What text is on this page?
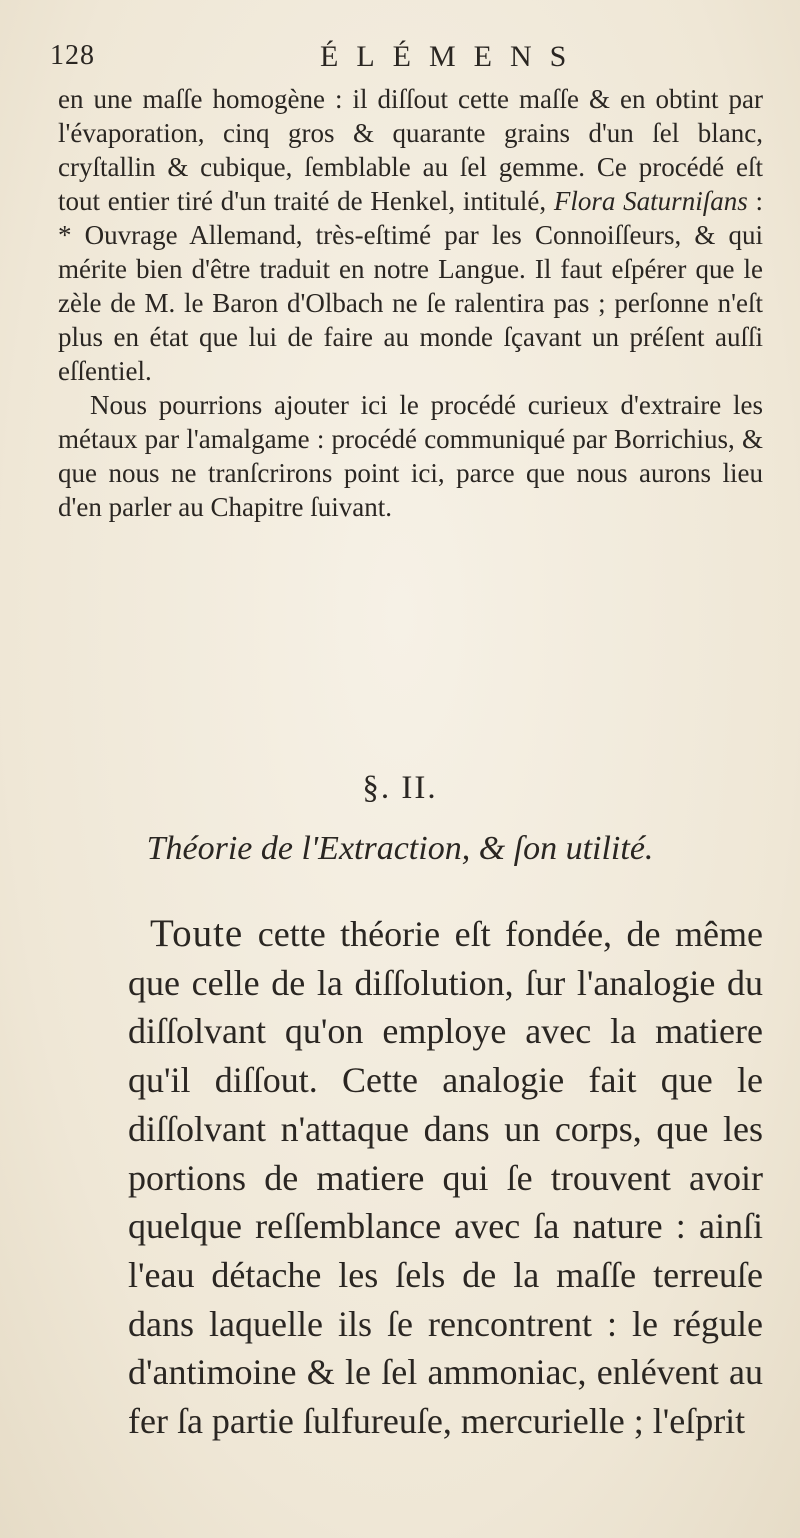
128	ÉLÉMENS

en une maſſe homogène : il diſſout cette maſſe & en obtint par l'évaporation, cinq gros & quarante grains d'un ſel blanc, cryſtallin & cubique, ſemblable au ſel gemme. Ce procédé eſt tout entier tiré d'un traité de Henkel, intitulé, Flora Saturniſans : * Ouvrage Allemand, très-eſtimé par les Connoiſſeurs, & qui mérite bien d'être traduit en notre Langue. Il faut eſpérer que le zèle de M. le Baron d'Olbach ne ſe ralentira pas ; perſonne n'eſt plus en état que lui de faire au monde ſçavant un préſent auſſi eſſentiel.

Nous pourrions ajouter ici le procédé curieux d'extraire les métaux par l'amalgame : procédé communiqué par Borrichius, & que nous ne tranſcrirons point ici, parce que nous aurons lieu d'en parler au Chapitre ſuivant.

§. II.
Théorie de l'Extraction, & ſon utilité.

Toute cette théorie eſt fondée, de même que celle de la diſſolution, ſur l'analogie du diſſolvant qu'on employe avec la matiere qu'il diſſout. Cette analogie fait que le diſſolvant n'attaque dans un corps, que les portions de matiere qui ſe trouvent avoir quelque reſſemblance avec ſa nature : ainſi l'eau détache les ſels de la maſſe terreuſe dans laquelle ils ſe rencontrent : le régule d'antimoine & le ſel ammoniac, enlévent au fer ſa partie ſulfureuſe, mercurielle ; l'eſprit
